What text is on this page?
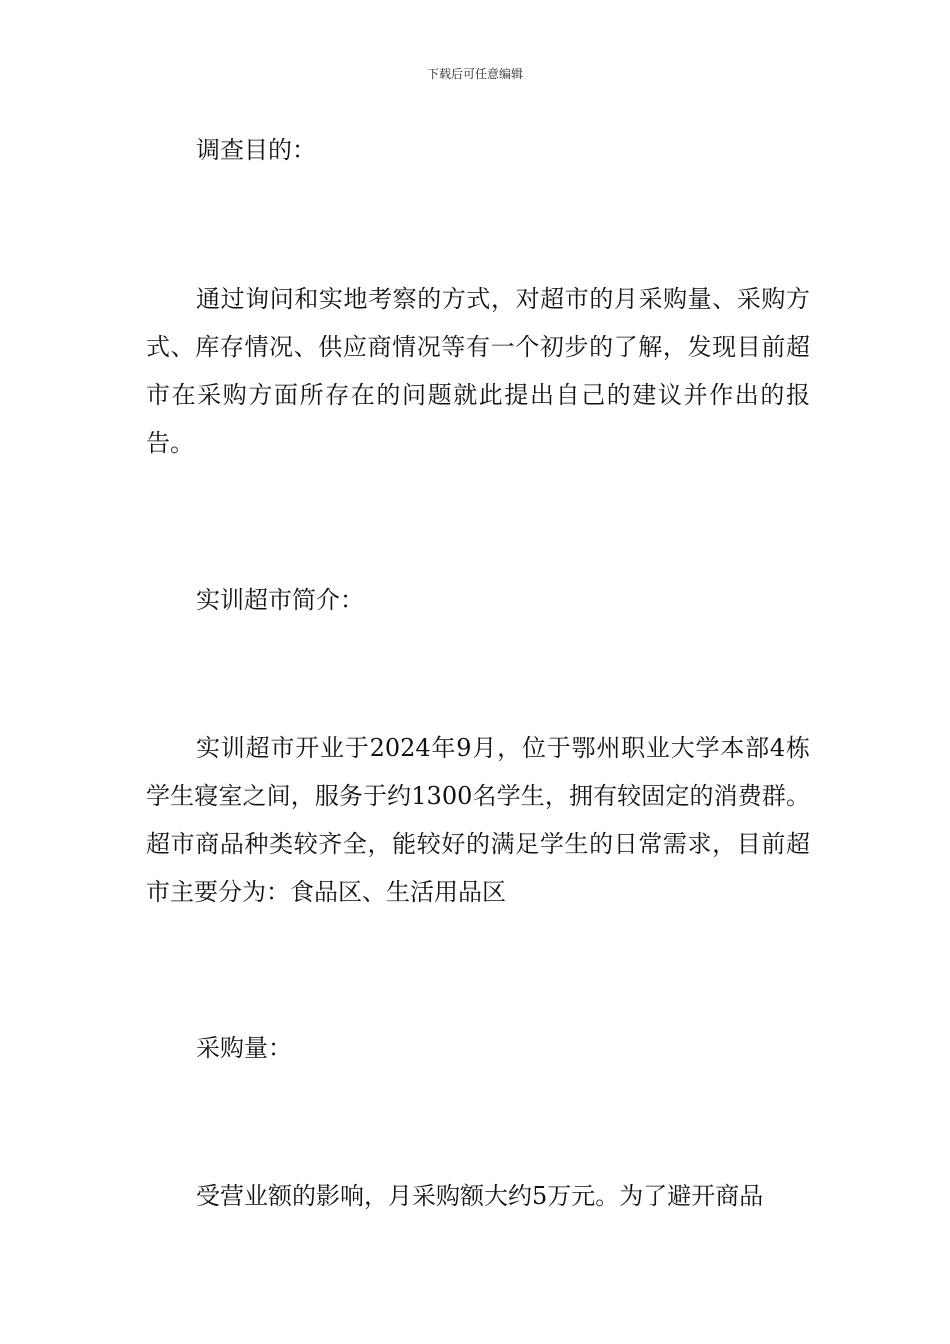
下载后可任意编辑

调查目的：

通过询问和实地考察的方式，对超市的月采购量、采购方式、库存情况、供应商情况等有一个初步的了解，发现目前超市在采购方面所存在的问题就此提出自己的建议并作出的报告。

实训超市简介：

实训超市开业于2024年9月，位于鄂州职业大学本部4栋学生寝室之间，服务于约1300名学生，拥有较固定的消费群。超市商品种类较齐全，能较好的满足学生的日常需求，目前超市主要分为：食品区、生活用品区

采购量：

受营业额的影响，月采购额大约5万元。为了避开商品
